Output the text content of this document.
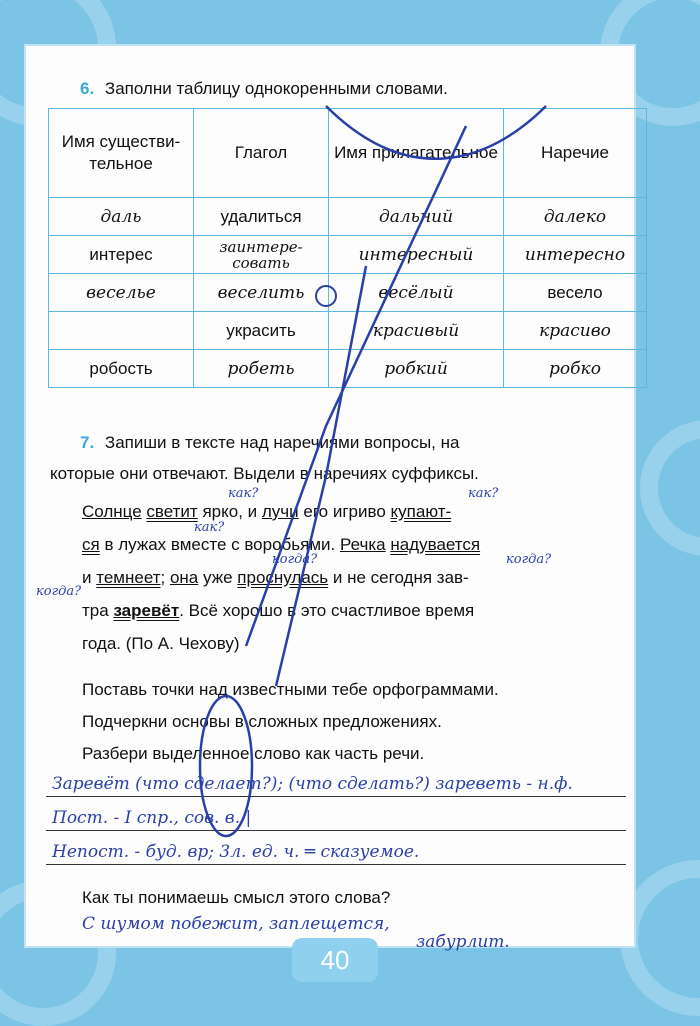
6. Заполни таблицу однокоренными словами.
Имя существи-тельное	Глагол	Имя прилагательное	Наречие
даль	удалиться	дальний	далеко
интерес	заинтере-совать	интересный	интересно
веселье	веселить	весёлый	весело
	украсить	красивый	красиво
робость	робеть	робкий	робко
7. Запиши в тексте над наречиями вопросы, на
которые они отвечают. Выдели в наречиях суффиксы.
как?
как?
как?
когда?	когда?
когда?
Солнце светит ярко, и лучи его игриво купают-
ся в лужах вместе с воробьями. Речка надувается
и темнеет; она уже проснулась и не сегодня зав-
тра заревёт. Всё хорошо в это счастливое время
года. (По А. Чехову)
Поставь точки над известными тебе орфограммами.
Подчеркни основы в сложных предложениях.
Разбери выделенное слово как часть речи.
Заревёт (что сделает?); (что сделать?) зареветь - н.ф.
Пост. - I спр., сов. в. |
Непост. - буд. вр; 3л. ед. ч. ═ сказуемое.
Как ты понимаешь смысл этого слова?
С шумом побежит, заплещется,
забурлит.
40
